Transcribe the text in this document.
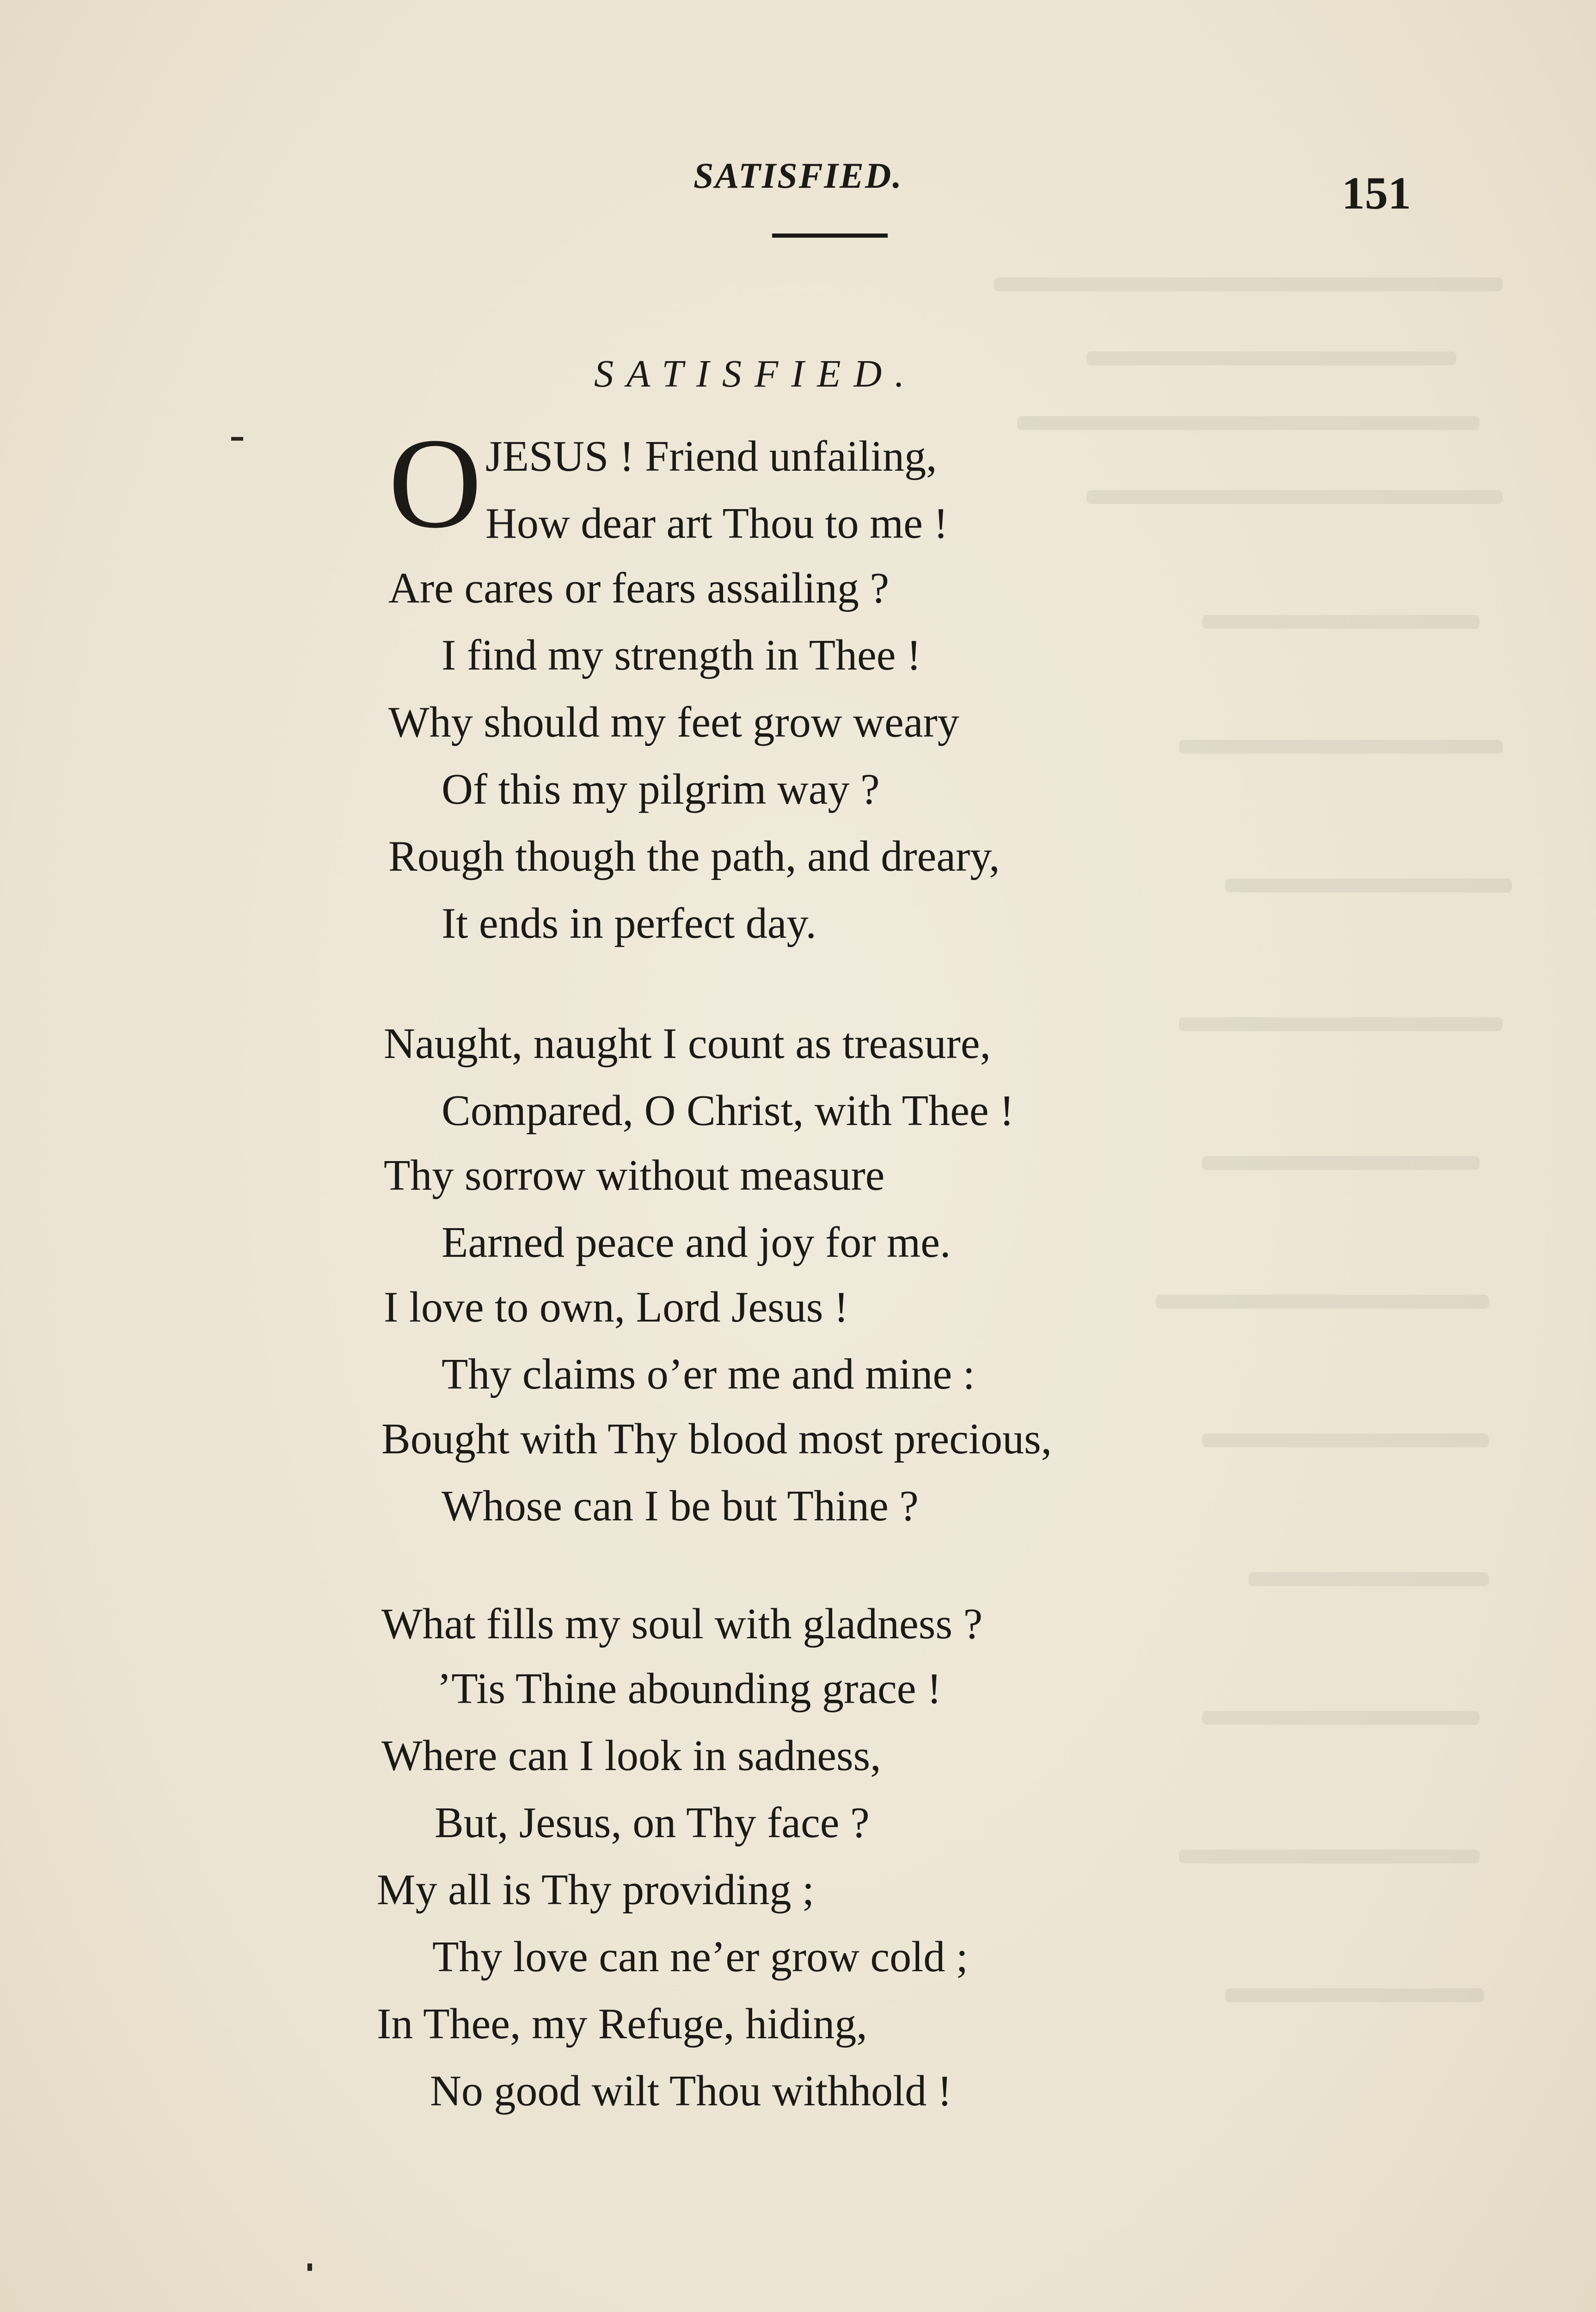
SATISFIED.	151
SATISFIED.
O JESUS ! Friend unfailing,
How dear art Thou to me !
Are cares or fears assailing ?
I find my strength in Thee !
Why should my feet grow weary
Of this my pilgrim way ?
Rough though the path, and dreary,
It ends in perfect day.
Naught, naught I count as treasure,
Compared, O Christ, with Thee !
Thy sorrow without measure
Earned peace and joy for me.
I love to own, Lord Jesus !
Thy claims o’er me and mine :
Bought with Thy blood most precious,
Whose can I be but Thine ?
What fills my soul with gladness ?
’Tis Thine abounding grace !
Where can I look in sadness,
But, Jesus, on Thy face ?
My all is Thy providing ;
Thy love can ne’er grow cold ;
In Thee, my Refuge, hiding,
No good wilt Thou withhold !
